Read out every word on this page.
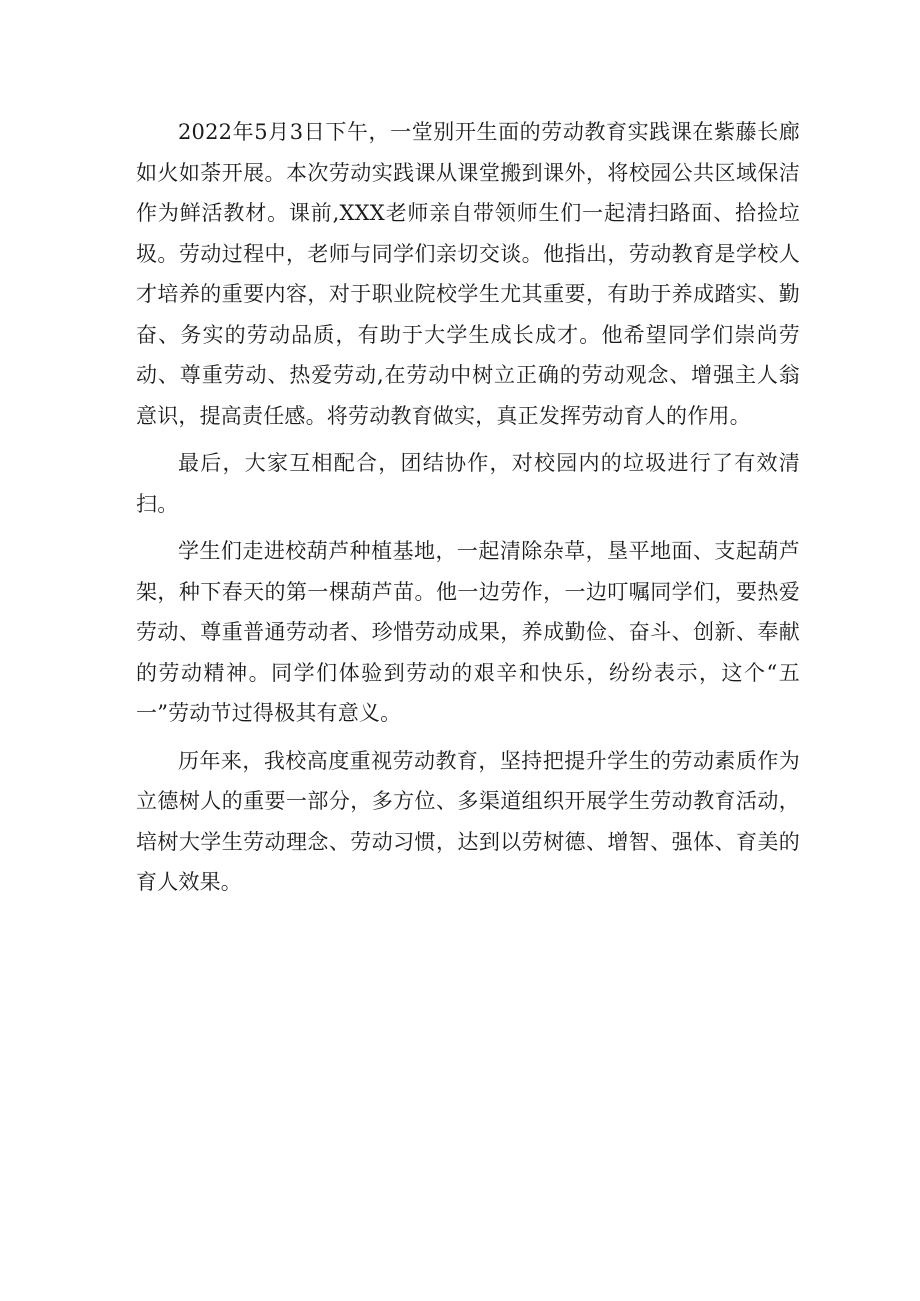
2022年5月3日下午，一堂别开生面的劳动教育实践课在紫藤长廊如火如荼开展。本次劳动实践课从课堂搬到课外，将校园公共区域保洁作为鲜活教材。课前,XXX老师亲自带领师生们一起清扫路面、拾捡垃圾。劳动过程中，老师与同学们亲切交谈。他指出，劳动教育是学校人才培养的重要内容，对于职业院校学生尤其重要，有助于养成踏实、勤奋、务实的劳动品质，有助于大学生成长成才。他希望同学们崇尚劳动、尊重劳动、热爱劳动,在劳动中树立正确的劳动观念、增强主人翁意识，提高责任感。将劳动教育做实，真正发挥劳动育人的作用。

最后，大家互相配合，团结协作，对校园内的垃圾进行了有效清扫。

学生们走进校葫芦种植基地，一起清除杂草，垦平地面、支起葫芦架，种下春天的第一棵葫芦苗。他一边劳作，一边叮嘱同学们，要热爱劳动、尊重普通劳动者、珍惜劳动成果，养成勤俭、奋斗、创新、奉献的劳动精神。同学们体验到劳动的艰辛和快乐，纷纷表示，这个“五一”劳动节过得极其有意义。

历年来，我校高度重视劳动教育，坚持把提升学生的劳动素质作为立德树人的重要一部分，多方位、多渠道组织开展学生劳动教育活动，培树大学生劳动理念、劳动习惯，达到以劳树德、增智、强体、育美的育人效果。
